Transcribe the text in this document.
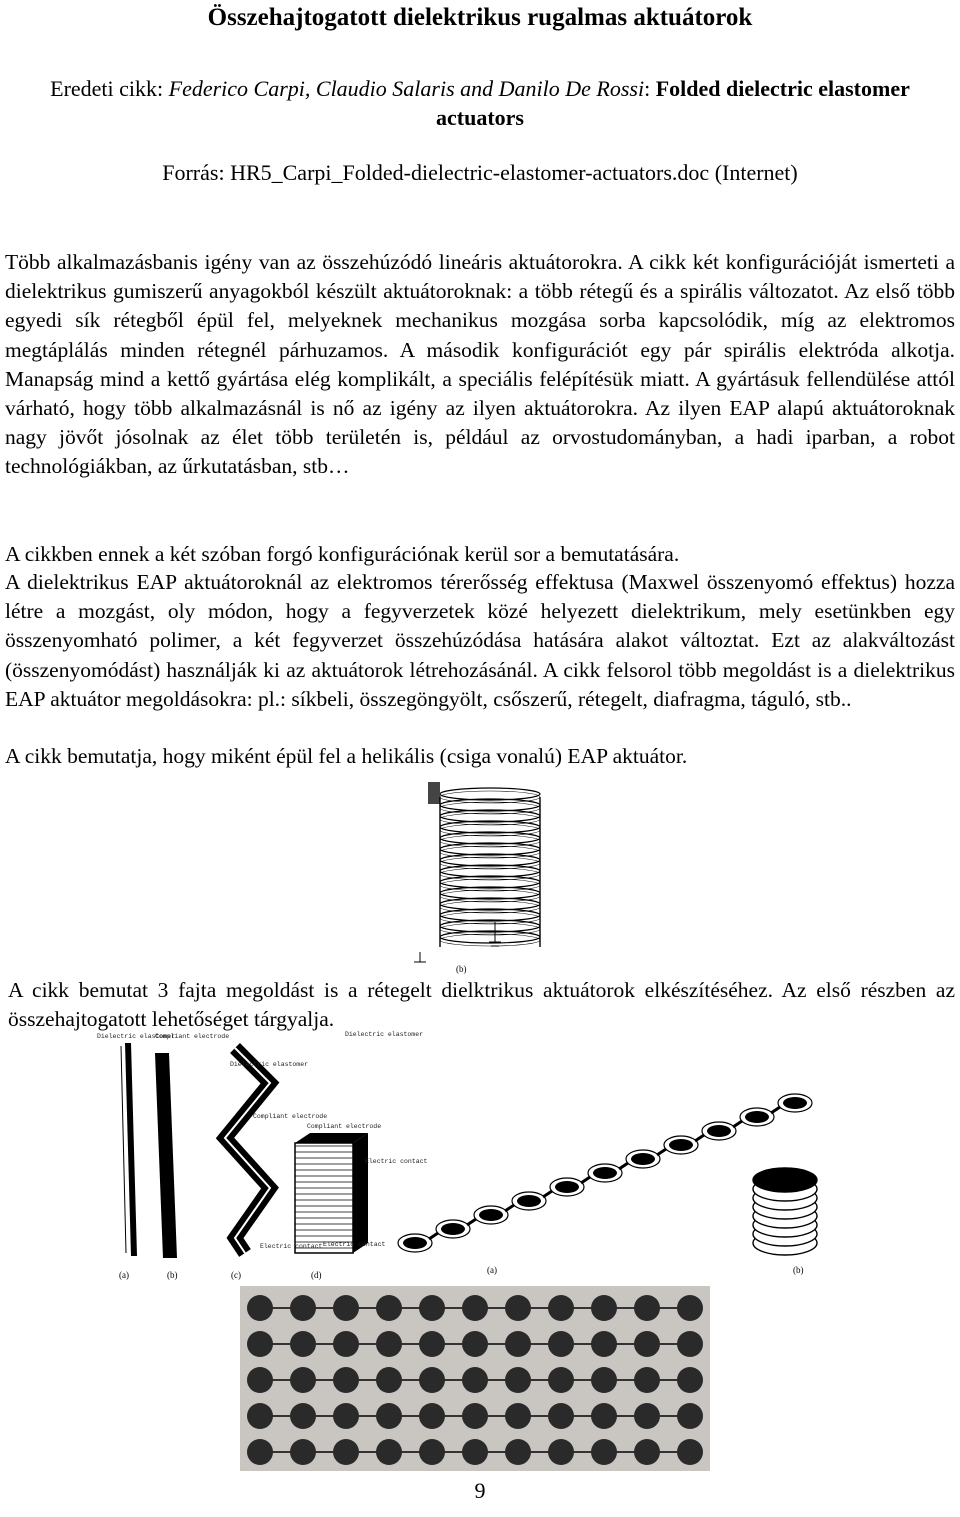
Összehajtogatott dielektrikus rugalmas aktuátorok
Eredeti cikk: Federico Carpi, Claudio Salaris and Danilo De Rossi: Folded dielectric elastomer actuators
Forrás: HR5_Carpi_Folded-dielectric-elastomer-actuators.doc (Internet)

Több alkalmazásbanis igény van az összehúzódó lineáris aktuátorokra. A cikk két konfigurációját ismerteti a dielektrikus gumiszerű anyagokból készült aktuátoroknak: a több rétegű és a spirális változatot. Az első több egyedi sík rétegből épül fel, melyeknek mechanikus mozgása sorba kapcsolódik, míg az elektromos megtáplálás minden rétegnél párhuzamos. A második konfigurációt egy pár spirális elektróda alkotja. Manapság mind a kettő gyártása elég komplikált, a speciális felépítésük miatt. A gyártásuk fellendülése attól várható, hogy több alkalmazásnál is nő az igény az ilyen aktuátorokra. Az ilyen EAP alapú aktuátoroknak nagy jövőt jósolnak az élet több területén is, például az orvostudományban, a hadi iparban, a robot technológiákban, az űrkutatásban, stb…

A cikkben ennek a két szóban forgó konfigurációnak kerül sor a bemutatására.

A dielektrikus EAP aktuátoroknál az elektromos térerősség effektusa (Maxwel összenyomó effektus) hozza létre a mozgást, oly módon, hogy a fegyverzetek közé helyezett dielektrikum, mely esetünkben egy összenyomható polimer, a két fegyverzet összehúzódása hatására alakot változtat. Ezt az alakváltozást (összenyomódást) használják ki az aktuátorok létrehozásánál. A cikk felsorol több megoldást is a dielektrikus EAP aktuátor megoldásokra: pl.: síkbeli, összegöngyölt, csőszerű, rétegelt, diafragma, táguló, stb..

A cikk bemutatja, hogy miként épül fel a helikális (csiga vonalú) EAP aktuátor.

(b)

A cikk bemutat 3 fajta megoldást is a rétegelt dielktrikus aktuátorok elkészítéséhez. Az első részben az összehajtogatott lehetőséget tárgyalja.

Dielectric elastomer
Compliant electrode
Dielectric elastomer
Compliant electrode
Compliant electrode
Electric contact
Electric contact
Dielectric elastomer
Electric contact
(a)	(b)	(c)	(d)	(a)	(b)
9
